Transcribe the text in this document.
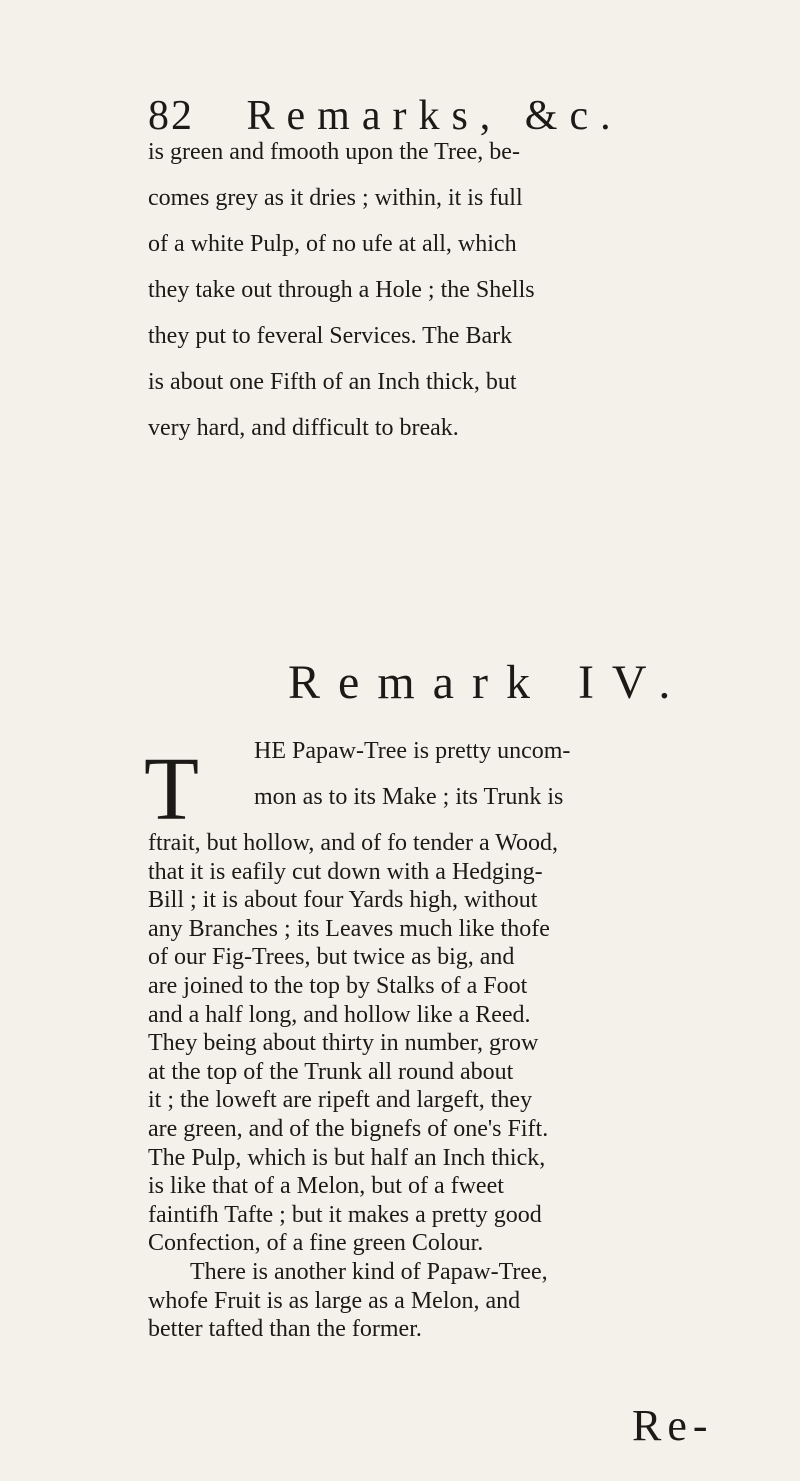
82 Remarks, &c.
is green and fmooth upon the Tree, be-
comes grey as it dries ; within, it is full
of a white Pulp, of no ufe at all, which
they take out through a Hole ; the Shells
they put to feveral Services. The Bark
is about one Fifth of an Inch thick, but
very hard, and difficult to break.
Remark IV.
T HE Papaw-Tree is pretty uncom-
mon as to its Make ; its Trunk is
Re-
ftrait, but hollow, and of fo tender a Wood,
that it is eafily cut down with a Hedging-
Bill ; it is about four Yards high, without
any Branches ; its Leaves much like thofe
of our Fig-Trees, but twice as big, and
are joined to the top by Stalks of a Foot
and a half long, and hollow like a Reed.
They being about thirty in number, grow
at the top of the Trunk all round about
it ; the loweft are ripeft and largeft, they
are green, and of the bignefs of one's Fift.
The Pulp, which is but half an Inch thick,
is like that of a Melon, but of a fweet
faintifh Tafte ; but it makes a pretty good
Confection, of a fine green Colour.
There is another kind of Papaw-Tree,
whofe Fruit is as large as a Melon, and
better tafted than the former.
